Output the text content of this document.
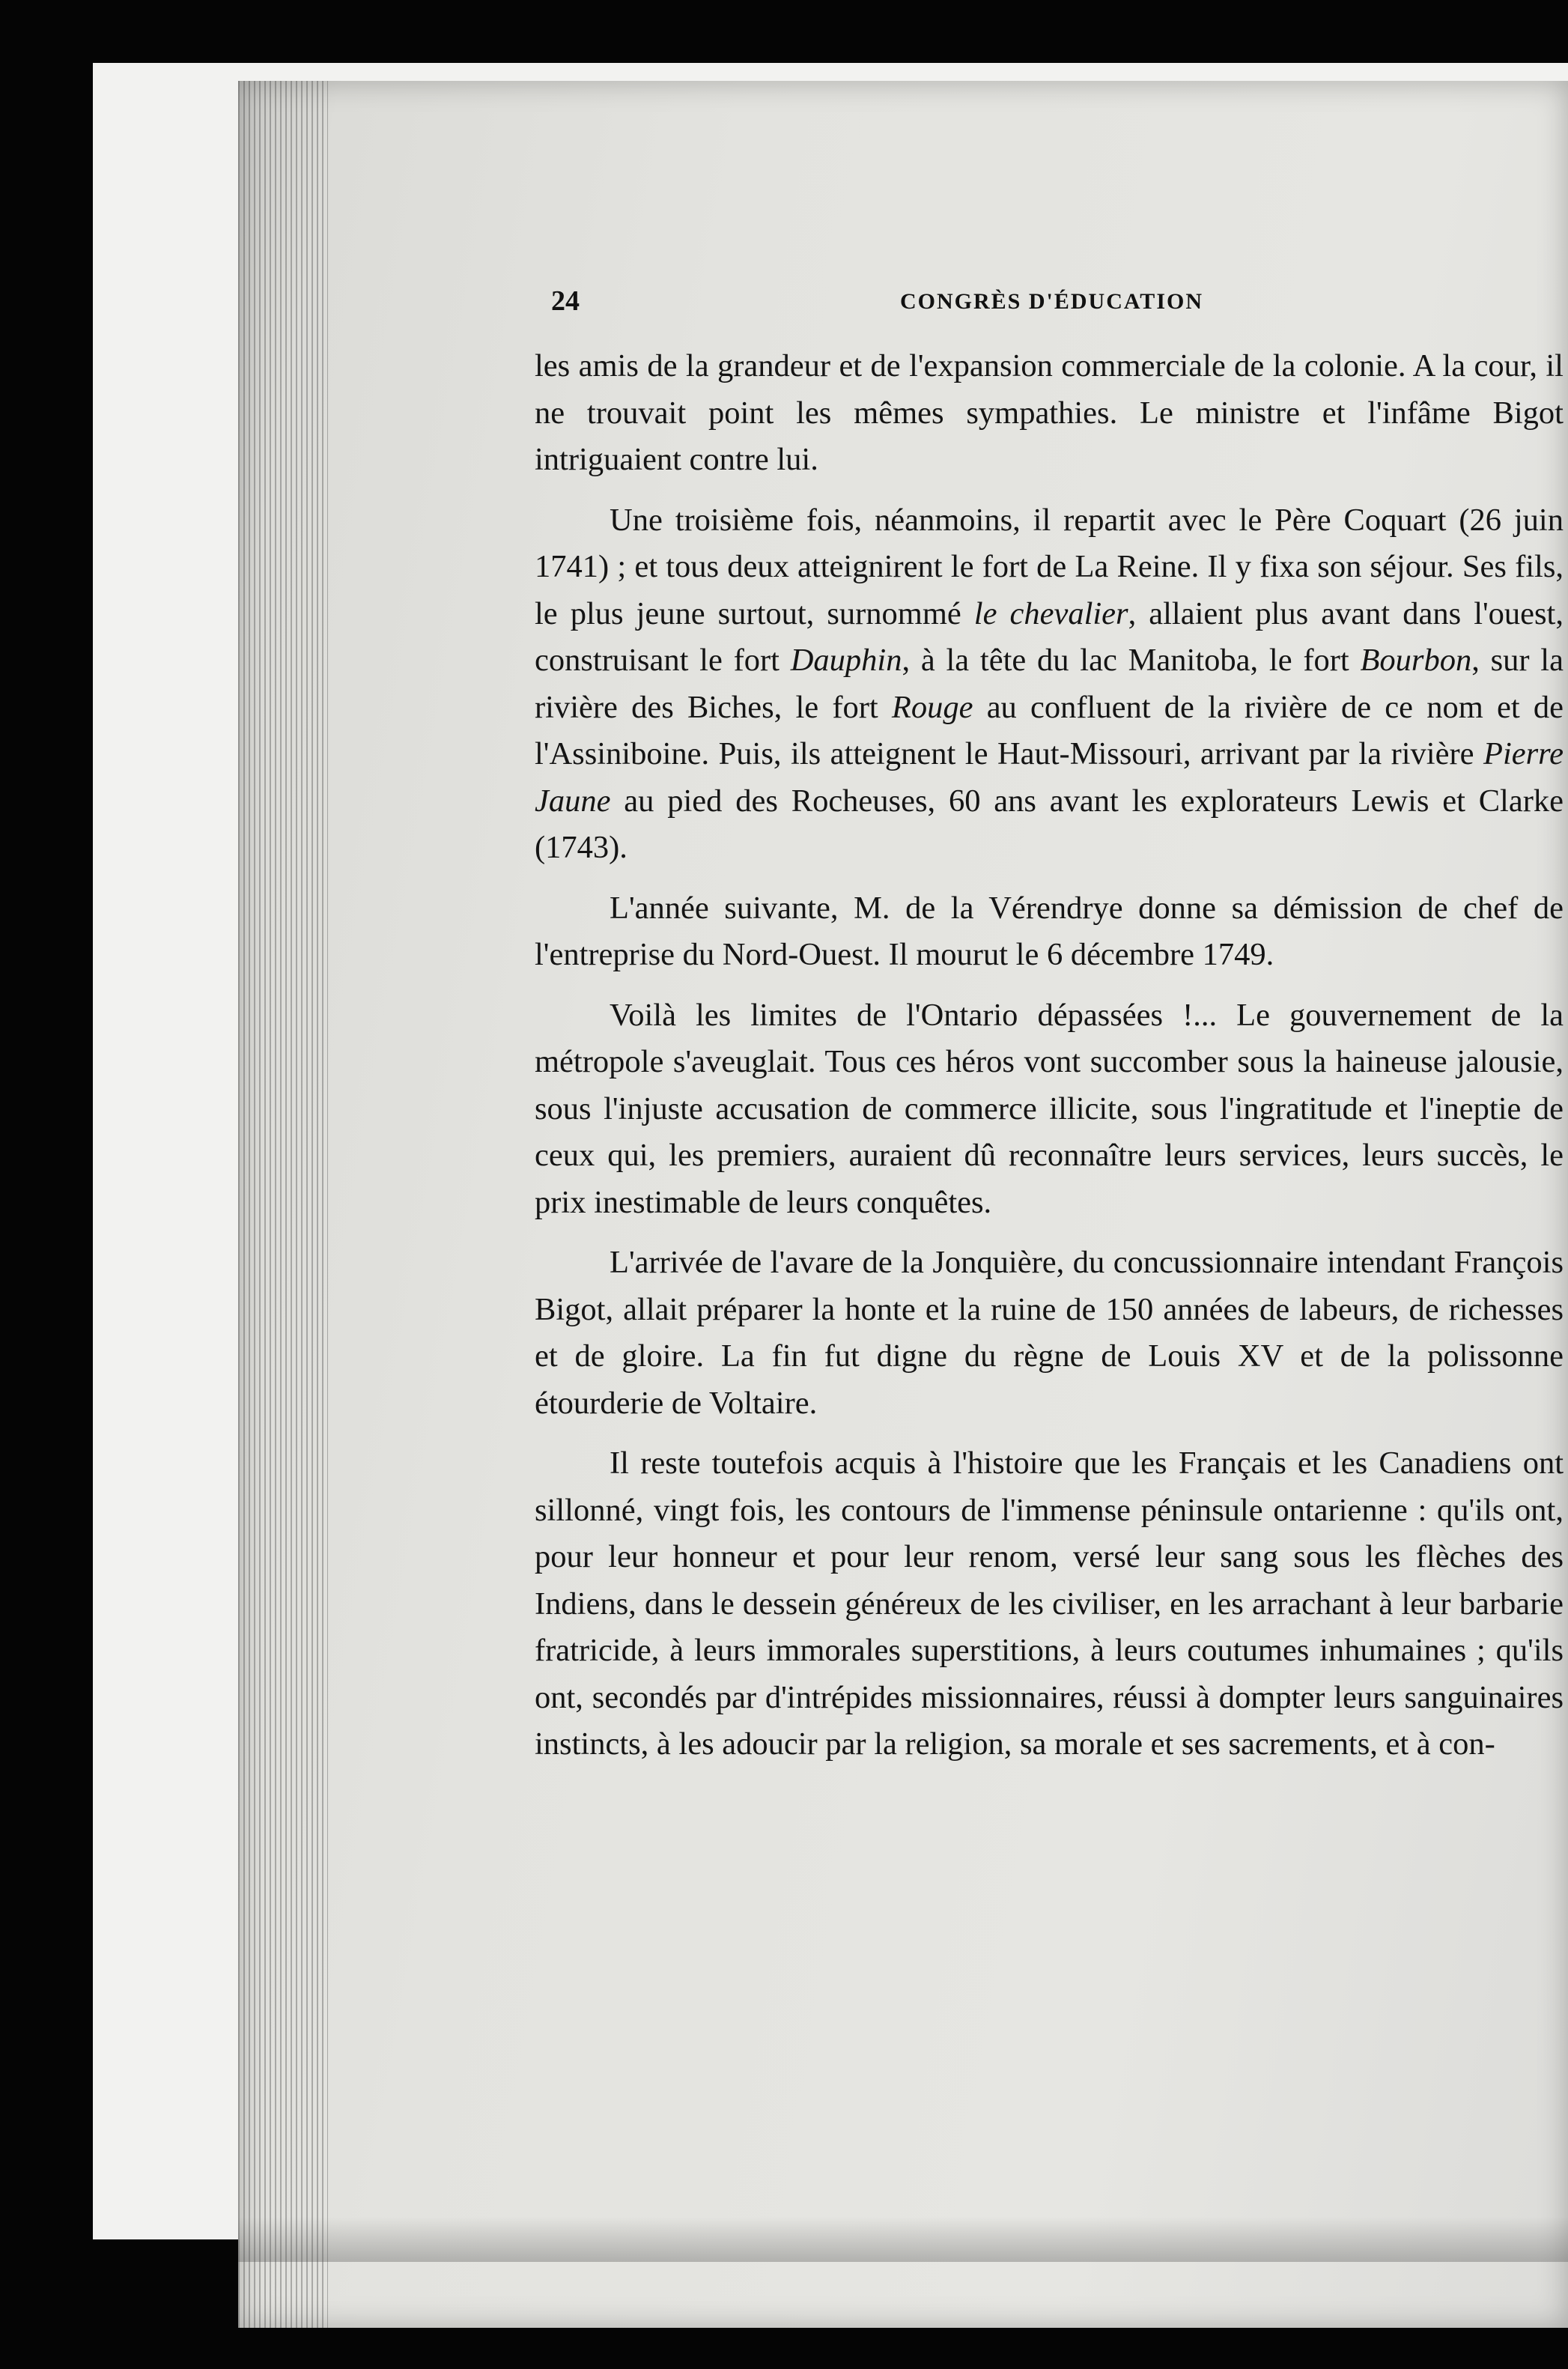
24	CONGRÈS D'ÉDUCATION

les amis de la grandeur et de l'expansion commerciale de la colonie. A la cour, il ne trouvait point les mêmes sympathies. Le ministre et l'infâme Bigot intriguaient contre lui.

Une troisième fois, néanmoins, il repartit avec le Père Coquart (26 juin 1741) ; et tous deux atteignirent le fort de La Reine. Il y fixa son séjour. Ses fils, le plus jeune surtout, surnommé le chevalier, allaient plus avant dans l'ouest, construisant le fort Dauphin, à la tête du lac Manitoba, le fort Bourbon, sur la rivière des Biches, le fort Rouge au confluent de la rivière de ce nom et de l'Assiniboine. Puis, ils atteignent le Haut-Missouri, arrivant par la rivière Pierre Jaune au pied des Rocheuses, 60 ans avant les explorateurs Lewis et Clarke (1743).

L'année suivante, M. de la Vérendrye donne sa démission de chef de l'entreprise du Nord-Ouest. Il mourut le 6 décembre 1749.

Voilà les limites de l'Ontario dépassées !... Le gouvernement de la métropole s'aveuglait. Tous ces héros vont succomber sous la haineuse jalousie, sous l'injuste accusation de commerce illicite, sous l'ingratitude et l'ineptie de ceux qui, les premiers, auraient dû reconnaître leurs services, leurs succès, le prix inestimable de leurs conquêtes.

L'arrivée de l'avare de la Jonquière, du concussionnaire intendant François Bigot, allait préparer la honte et la ruine de 150 années de labeurs, de richesses et de gloire. La fin fut digne du règne de Louis XV et de la polissonne étourderie de Voltaire.

Il reste toutefois acquis à l'histoire que les Français et les Canadiens ont sillonné, vingt fois, les contours de l'immense péninsule ontarienne : qu'ils ont, pour leur honneur et pour leur renom, versé leur sang sous les flèches des Indiens, dans le dessein généreux de les civiliser, en les arrachant à leur barbarie fratricide, à leurs immorales superstitions, à leurs coutumes inhumaines ; qu'ils ont, secondés par d'intrépides missionnaires, réussi à dompter leurs sanguinaires instincts, à les adoucir par la religion, sa morale et ses sacrements, et à con-
